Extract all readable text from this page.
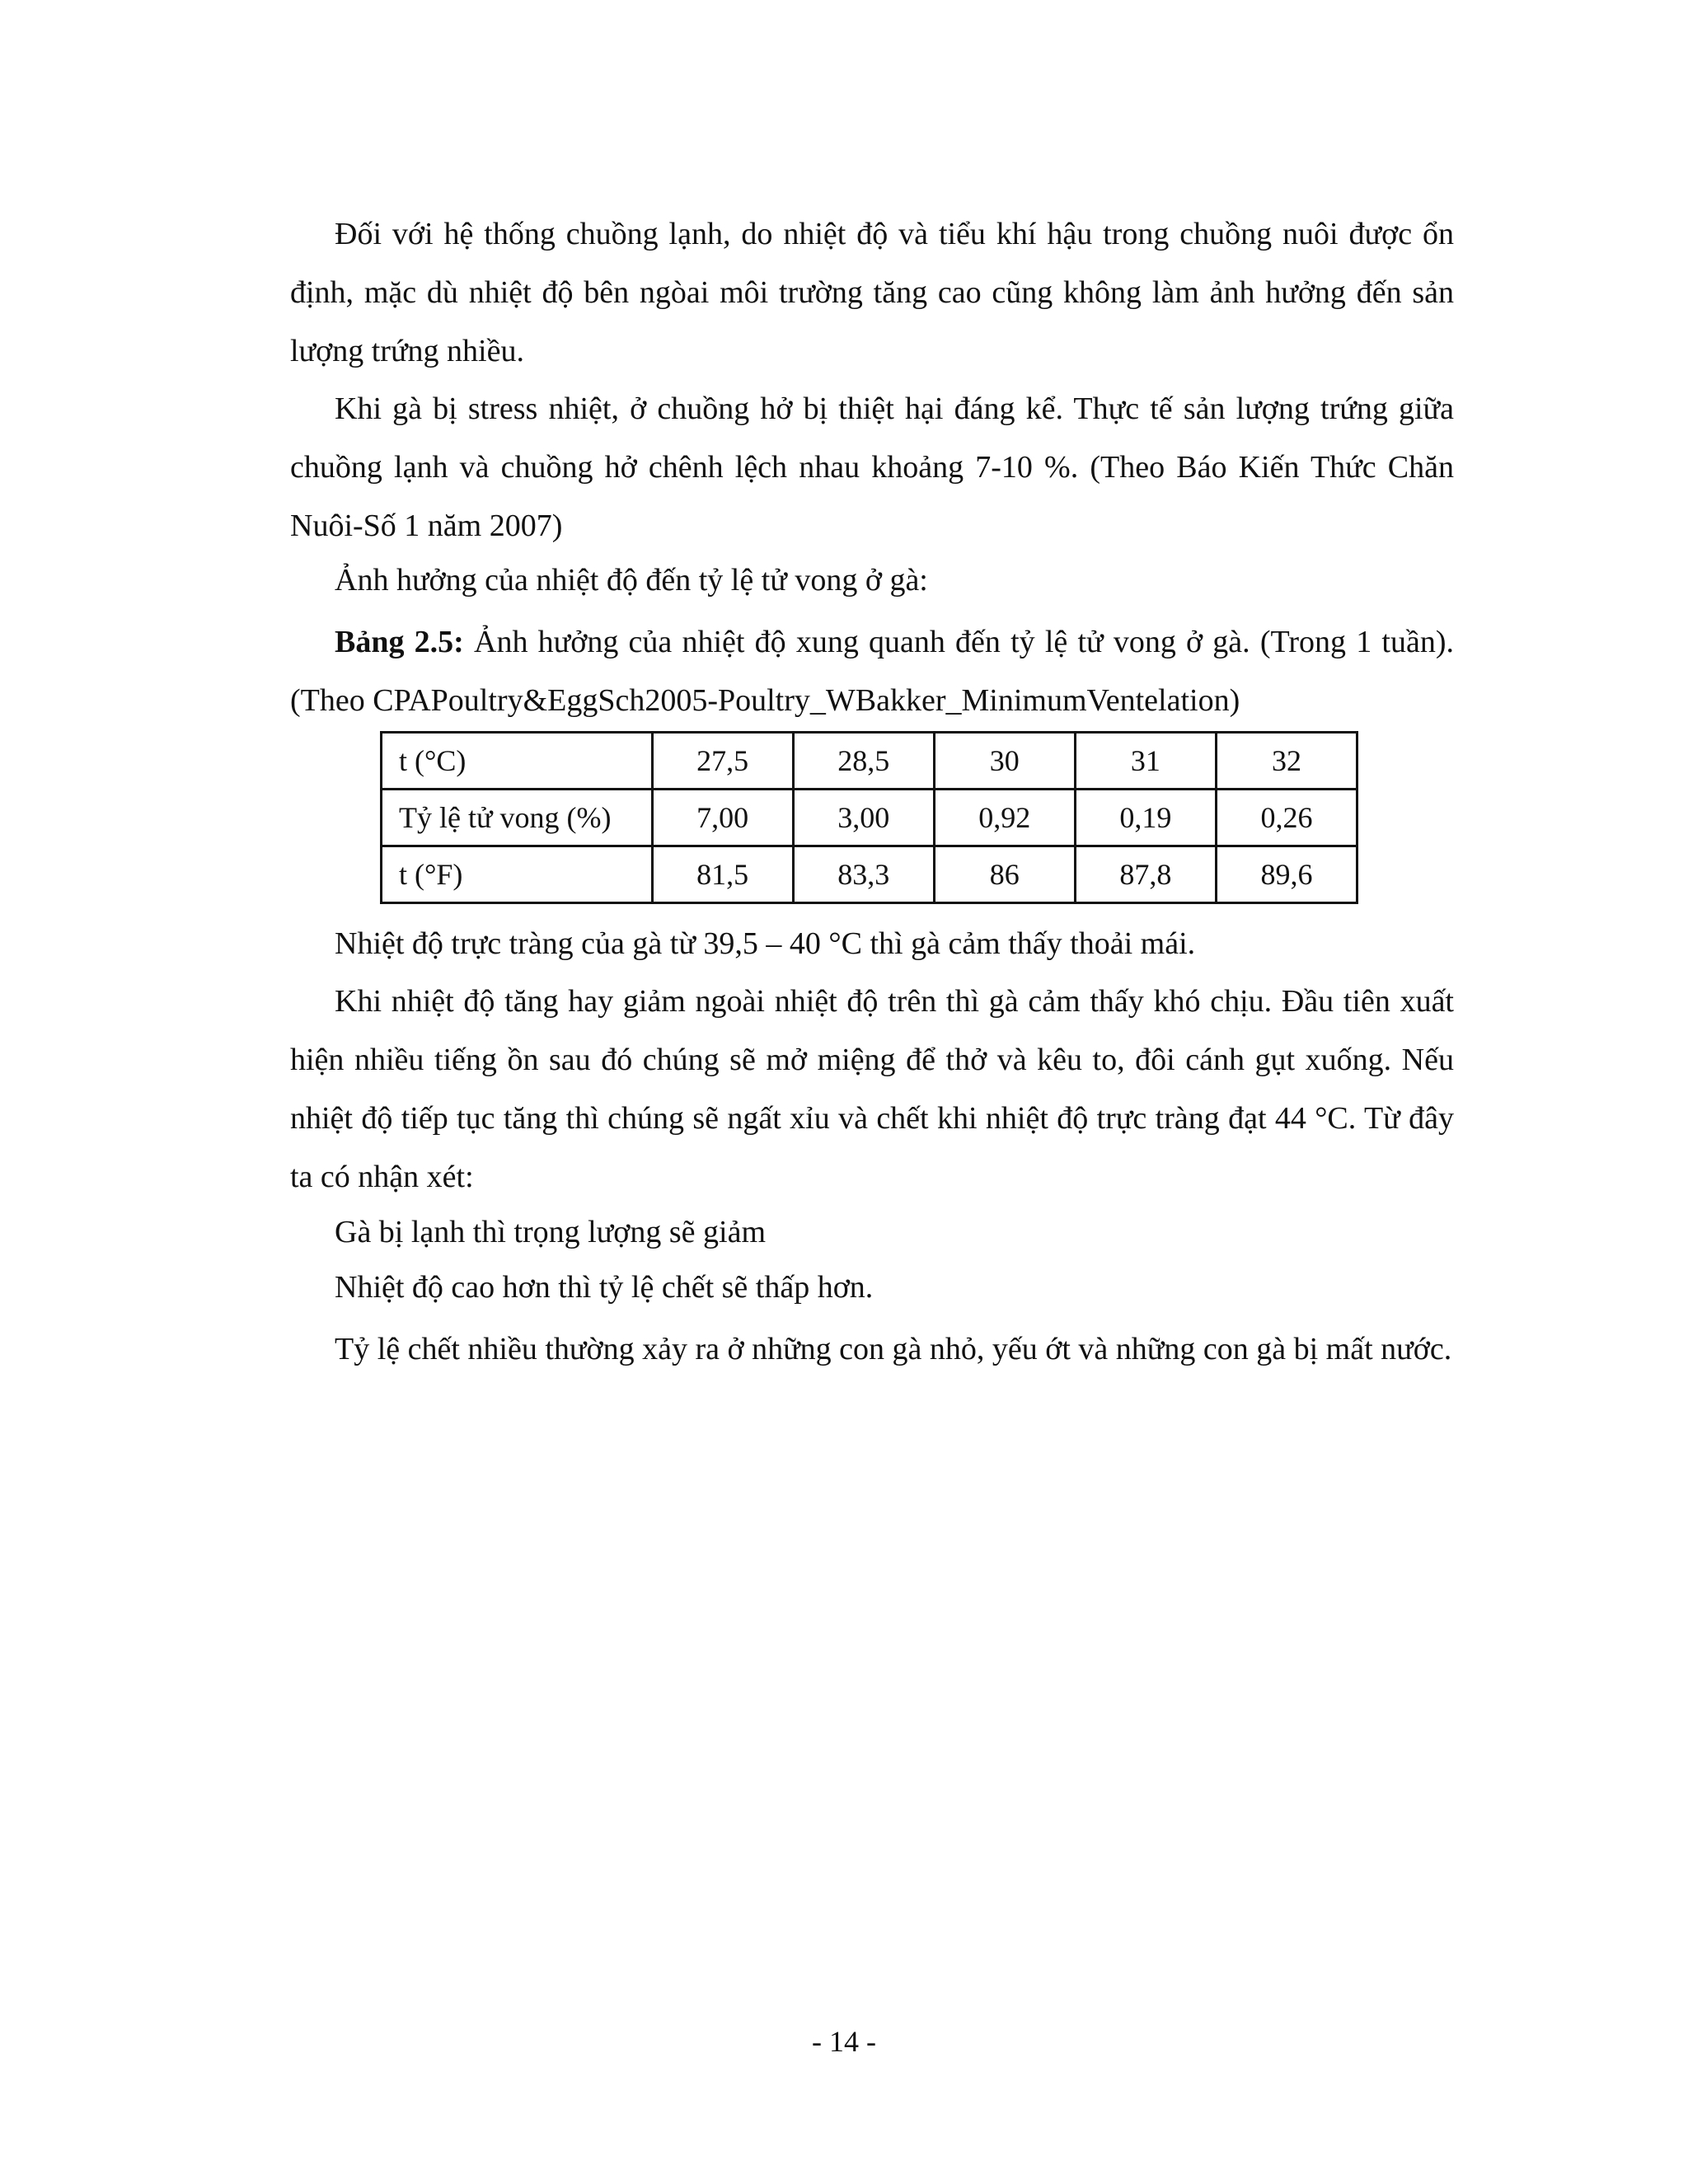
Đối với hệ thống chuồng lạnh, do nhiệt độ và tiểu khí hậu trong chuồng nuôi được ổn định, mặc dù nhiệt độ bên ngòai môi trường tăng cao cũng không làm ảnh hưởng đến sản lượng trứng nhiều.

Khi gà bị stress nhiệt, ở chuồng hở bị thiệt hại đáng kể. Thực tế sản lượng trứng giữa chuồng lạnh và chuồng hở chênh lệch nhau khoảng 7-10 %. (Theo Báo Kiến Thức Chăn Nuôi-Số 1 năm 2007)

Ảnh hưởng của nhiệt độ đến tỷ lệ tử vong ở gà:

Bảng 2.5: Ảnh hưởng của nhiệt độ xung quanh đến tỷ lệ tử vong ở gà. (Trong 1 tuần). (Theo CPAPoultry&EggSch2005-Poultry_WBakker_MinimumVentelation)

t (°C)	27,5	28,5	30	31	32
Tỷ lệ tử vong (%)	7,00	3,00	0,92	0,19	0,26
t (°F)	81,5	83,3	86	87,8	89,6

Nhiệt độ trực tràng của gà từ 39,5 – 40 °C thì gà cảm thấy thoải mái.

Khi nhiệt độ tăng hay giảm ngoài nhiệt độ trên thì gà cảm thấy khó chịu. Đầu tiên xuất hiện nhiều tiếng ồn sau đó chúng sẽ mở miệng để thở và kêu to, đôi cánh gụt xuống. Nếu nhiệt độ tiếp tục tăng thì chúng sẽ ngất xỉu và chết khi nhiệt độ trực tràng đạt 44 °C. Từ đây ta có nhận xét:

Gà bị lạnh thì trọng lượng sẽ giảm

Nhiệt độ cao hơn thì tỷ lệ chết sẽ thấp hơn.

Tỷ lệ chết nhiều thường xảy ra ở những con gà nhỏ, yếu ớt và những con gà bị mất nước.

- 14 -
